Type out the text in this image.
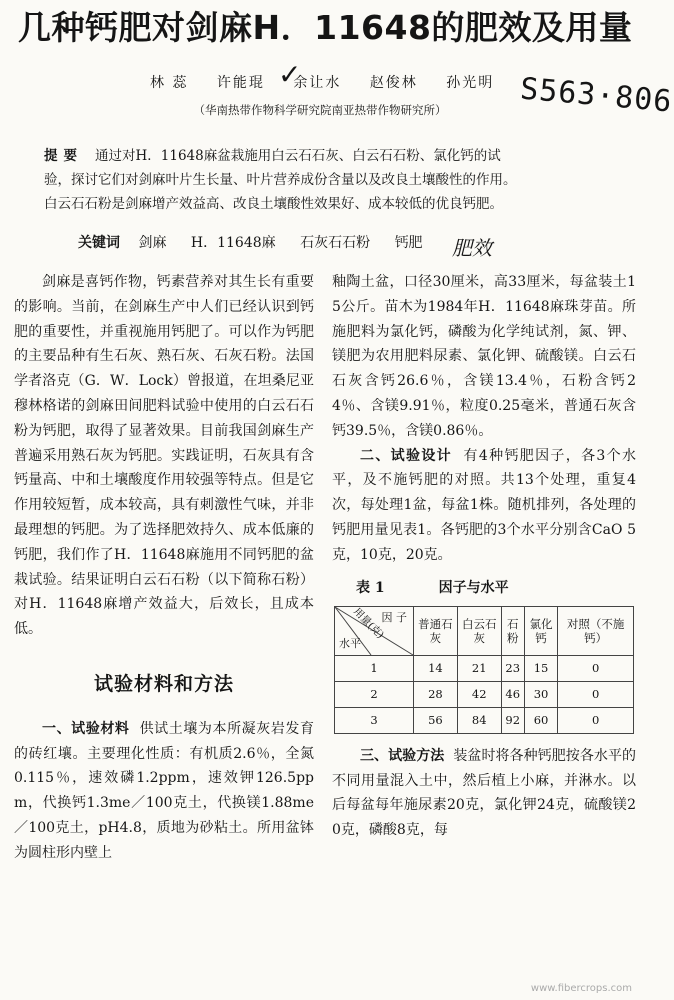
几种钙肥对剑麻H．11648的肥效及用量
✓
林 蕊 许能琨 余让水 赵俊林 孙光明
（华南热带作物科学研究院南亚热带作物研究所）	S563·806

提要 通过对H．11648麻盆栽施用白云石石灰、白云石石粉、氯化钙的试

验，探讨它们对剑麻叶片生长量、叶片营养成份含量以及改良土壤酸性的作用。

白云石石粉是剑麻增产效益高、改良土壤酸性效果好、成本较低的优良钙肥。

关键词 剑麻 H．11648麻 石灰石石粉 钙肥	肥效

剑麻是喜钙作物，钙素营养对其生长有重要的影响。当前，在剑麻生产中人们已经认识到钙肥的重要性，并重视施用钙肥了。可以作为钙肥的主要品种有生石灰、熟石灰、石灰石粉。法国学者洛克（G．W．Lock）曾报道，在坦桑尼亚穆林格诺的剑麻田间肥料试验中使用的白云石石粉为钙肥，取得了显著效果。目前我国剑麻生产普遍采用熟石灰为钙肥。实践证明，石灰具有含钙量高、中和土壤酸度作用较强等特点。但是它作用较短暂，成本较高，具有刺激性气味，并非最理想的钙肥。为了选择肥效持久、成本低廉的钙肥，我们作了H．11648麻施用不同钙肥的盆栽试验。结果证明白云石石粉（以下简称石粉）对H．11648麻增产效益大，后效长，且成本低。

试验材料和方法

一、试验材料 供试土壤为本所凝灰岩发育的砖红壤。主要理化性质：有机质2.6％，全氮0.115％，速效磷1.2ppm，速效钾126.5ppm，代换钙1.3me／100克土，代换镁1.88me／100克土，pH4.8，质地为砂粘土。所用盆钵为圆柱形内壁上

釉陶土盆，口径30厘米，高33厘米，每盆装土15公斤。苗木为1984年H．11648麻珠芽苗。所施肥料为氯化钙，磷酸为化学纯试剂，氮、钾、镁肥为农用肥料尿素、氯化钾、硫酸镁。白云石石灰含钙26.6％，含镁13.4％，石粉含钙24％、含镁9.91％，粒度0.25毫米，普通石灰含钙39.5％，含镁0.86％。

二、试验设计 有4种钙肥因子，各3个水平，及不施钙肥的对照。共13个处理，重复4次，每处理1盆，每盆1株。随机排列，各处理的钙肥用量见表1。各钙肥的3个水平分别含CaO 5克，10克，20克。

表 1	因子与水平
因 子
用量(克)
水平	普通石灰	白云石灰	石粉	氯化钙	对照（不施钙）
1	14	21	23	15	0
2	28	42	46	30	0
3	56	84	92	60	0

三、试验方法 装盆时将各种钙肥按各水平的不同用量混入土中，然后植上小麻，并淋水。以后每盆每年施尿素20克，氯化钾24克，硫酸镁20克，磷酸8克，每

www.fibercrops.com
